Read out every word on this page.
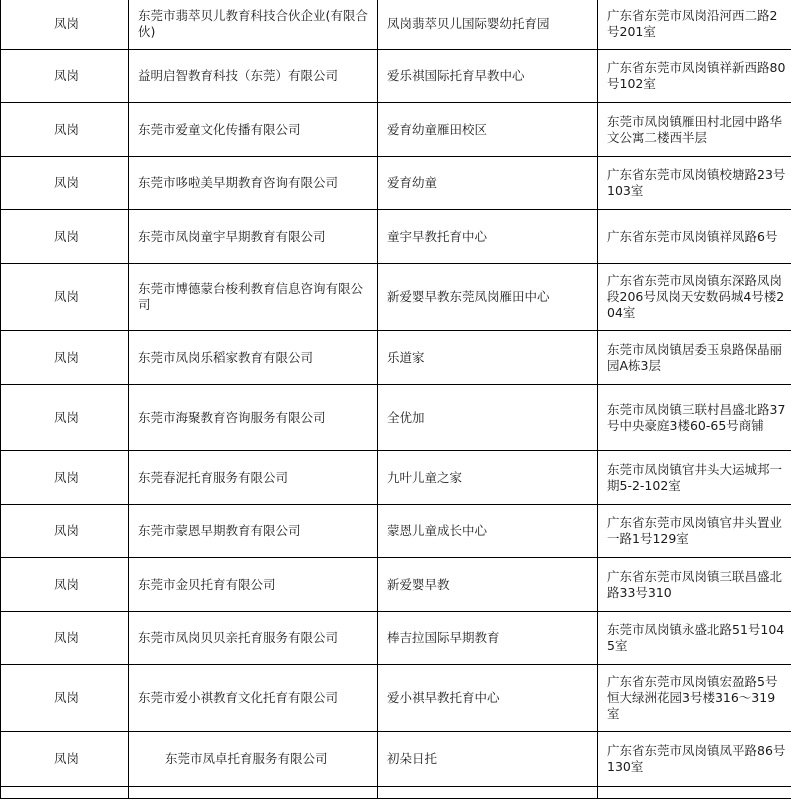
凤岗	东莞市翡萃贝儿教育科技合伙企业(有限合伙)	凤岗翡萃贝儿国际婴幼托育园	广东省东莞市凤岗沿河西二路2号201室
凤岗	益明启智教育科技（东莞）有限公司	爱乐祺国际托育早教中心	广东省东莞市凤岗镇祥新西路80号102室
凤岗	东莞市爱童文化传播有限公司	爱育幼童雁田校区	东莞市凤岗镇雁田村北园中路华文公寓二楼西半层
凤岗	东莞市哆啦美早期教育咨询有限公司	爱育幼童	广东省东莞市凤岗镇校塘路23号103室
凤岗	东莞市凤岗童宇早期教育有限公司	童宇早教托育中心	广东省东莞市凤岗镇祥凤路6号
凤岗	东莞市博德蒙台梭利教育信息咨询有限公司	新爱婴早教东莞凤岗雁田中心	广东省东莞市凤岗镇东深路凤岗段206号凤岗天安数码城4号楼204室
凤岗	东莞市凤岗乐稻家教育有限公司	乐道家	东莞市凤岗镇居委玉泉路保晶丽园A栋3层
凤岗	东莞市海聚教育咨询服务有限公司	全优加	东莞市凤岗镇三联村昌盛北路37号中央豪庭3楼60-65号商铺
凤岗	东莞春泥托育服务有限公司	九叶儿童之家	东莞市凤岗镇官井头大运城邦一期5-2-102室
凤岗	东莞市蒙恩早期教育有限公司	蒙恩儿童成长中心	广东省东莞市凤岗镇官井头置业一路1号129室
凤岗	东莞市金贝托育有限公司	新爱婴早教	广东省东莞市凤岗镇三联昌盛北路33号310
凤岗	东莞市凤岗贝贝亲托育服务有限公司	棒吉拉国际早期教育	东莞市凤岗镇永盛北路51号1045室
凤岗	东莞市爱小祺教育文化托育有限公司	爱小祺早教托育中心	广东省东莞市凤岗镇宏盈路5号恒大绿洲花园3号楼316～319室
凤岗	东莞市凤卓托育服务有限公司	初朵日托	广东省东莞市凤岗镇凤平路86号130室
